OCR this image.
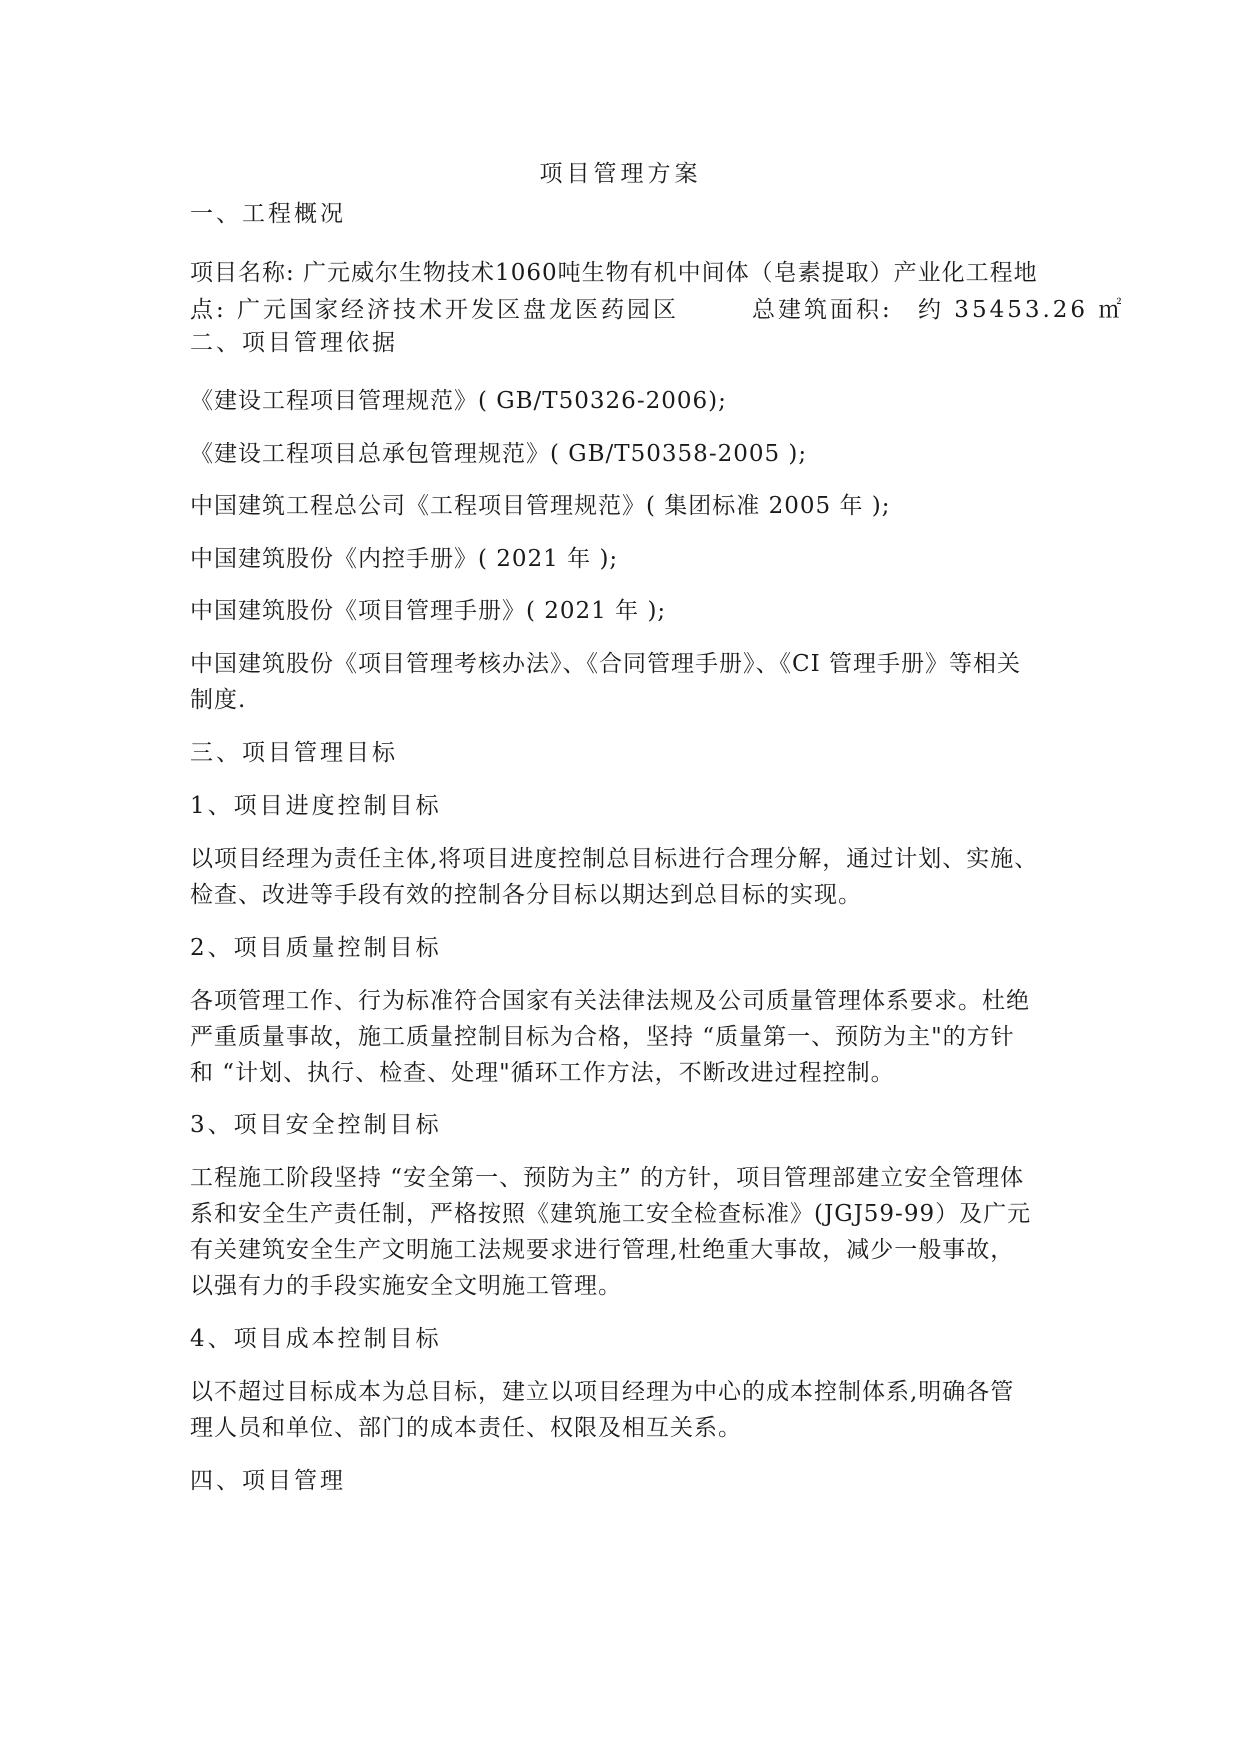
项目管理方案
一、工程概况
项目名称: 广元威尔生物技术1060吨生物有机中间体（皂素提取）产业化工程地
点: 广元国家经济技术开发区盘龙医药园区	总建筑面积: 约 35453.26 ㎡
二、项目管理依据
《建设工程项目管理规范》( GB/T50326-2006);
《建设工程项目总承包管理规范》( GB/T50358-2005 );
中国建筑工程总公司《工程项目管理规范》( 集团标准 2005 年 );
中国建筑股份《内控手册》( 2021 年 );
中国建筑股份《项目管理手册》( 2021 年 );
中国建筑股份《项目管理考核办法》、《合同管理手册》、《CI 管理手册》等相关
制度.
三、项目管理目标
1、项目进度控制目标
以项目经理为责任主体,将项目进度控制总目标进行合理分解，通过计划、实施、
检查、改进等手段有效的控制各分目标以期达到总目标的实现。
2、项目质量控制目标
各项管理工作、行为标准符合国家有关法律法规及公司质量管理体系要求。杜绝
严重质量事故，施工质量控制目标为合格，坚持 “质量第一、预防为主"的方针
和 “计划、执行、检查、处理"循环工作方法，不断改进过程控制。
3、项目安全控制目标
工程施工阶段坚持 “安全第一、预防为主” 的方针，项目管理部建立安全管理体
系和安全生产责任制，严格按照《建筑施工安全检查标准》(JGJ59-99）及广元
有关建筑安全生产文明施工法规要求进行管理,杜绝重大事故，减少一般事故，
以强有力的手段实施安全文明施工管理。
4、项目成本控制目标
以不超过目标成本为总目标，建立以项目经理为中心的成本控制体系,明确各管
理人员和单位、部门的成本责任、权限及相互关系。
四、项目管理
